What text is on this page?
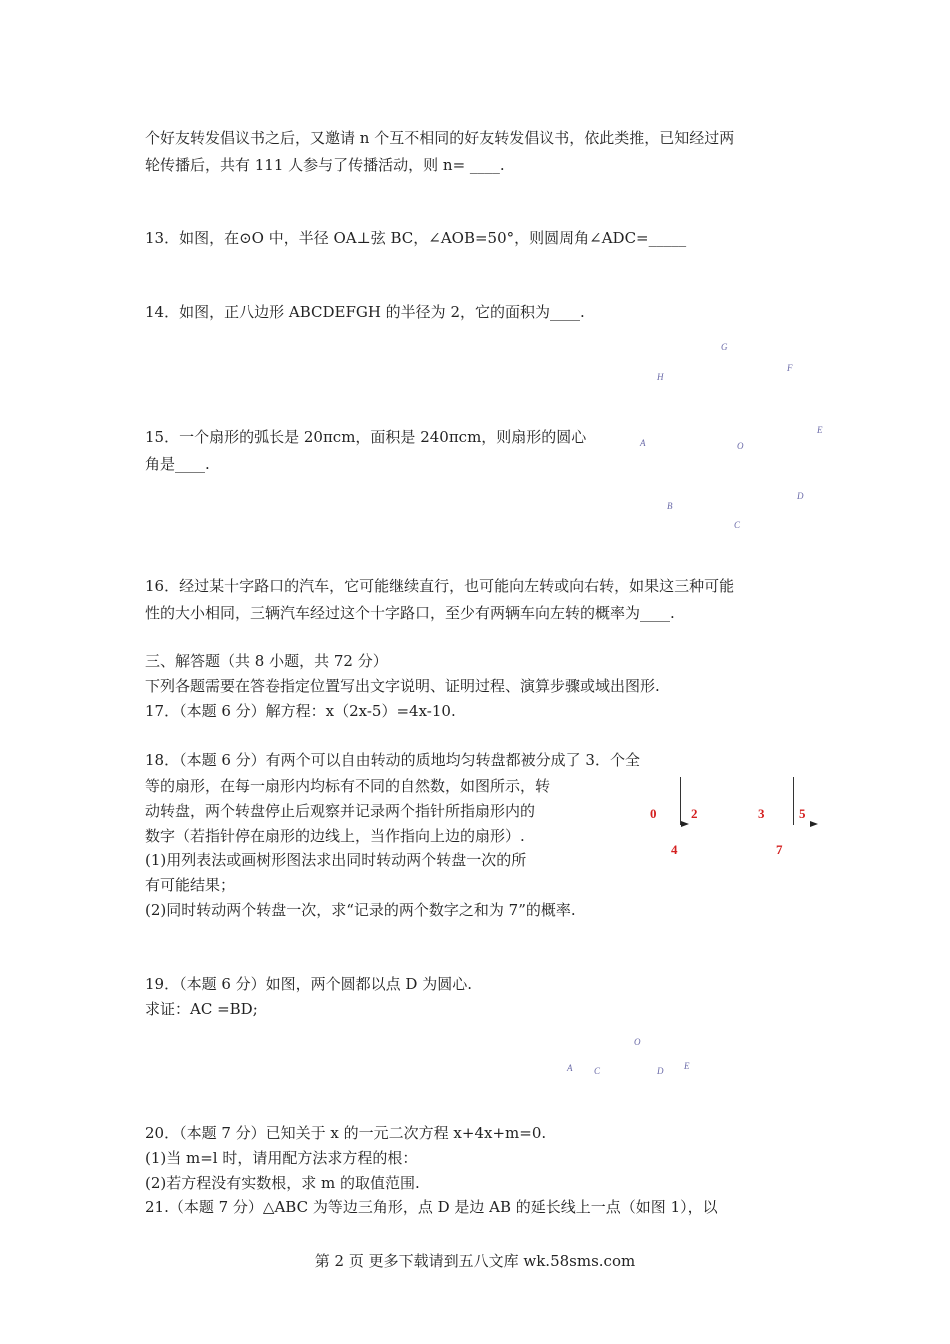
个好友转发倡议书之后，又邀请 n 个互不相同的好友转发倡议书，依此类推，已知经过两
轮传播后，共有 111 人参与了传播活动，则 n= ____.
13．如图，在⊙O 中，半径 OA⊥弦 BC，∠AOB=50°，则圆周角∠ADC=_____
14．如图，正八边形 ABCDEFGH 的半径为 2，它的面积为____.
15．一个扇形的弧长是 20πcm，面积是 240πcm，则扇形的圆心
角是____.
16．经过某十字路口的汽车，它可能继续直行，也可能向左转或向右转，如果这三种可能
性的大小相同，三辆汽车经过这个十字路口，至少有两辆车向左转的概率为____.
三、解答题（共 8 小题，共 72 分）
下列各题需要在答卷指定位置写出文字说明、证明过程、演算步骤或域出图形.
17．（本题 6 分）解方程：x（2x-5）=4x-10.
18．（本题 6 分）有两个可以自由转动的质地均匀转盘都被分成了 3．个全
等的扇形，在每一扇形内均标有不同的自然数，如图所示，转
动转盘，两个转盘停止后观察并记录两个指针所指扇形内的
数字（若指针停在扇形的边线上，当作指向上边的扇形）.
(1)用列表法或画树形图法求出同时转动两个转盘一次的所
有可能结果；
(2)同时转动两个转盘一次，求“记录的两个数字之和为 7”的概率.
19．（本题 6 分）如图，两个圆都以点 D 为圆心.
求证：AC =BD;
20．（本题 7 分）已知关于 x 的一元二次方程 x+4x+m=0.
(1)当 m=l 时，请用配方法求方程的根：
(2)若方程没有实数根，求 m 的取值范围.
21.（本题 7 分）△ABC 为等边三角形，点 D 是边 AB 的延长线上一点（如图 1），以
G
H
F
A	O
E
B
D
C
0	2
4
3	5
7
O
A C	D E
第 2 页 更多下载请到五八文库 wk.58sms.com
